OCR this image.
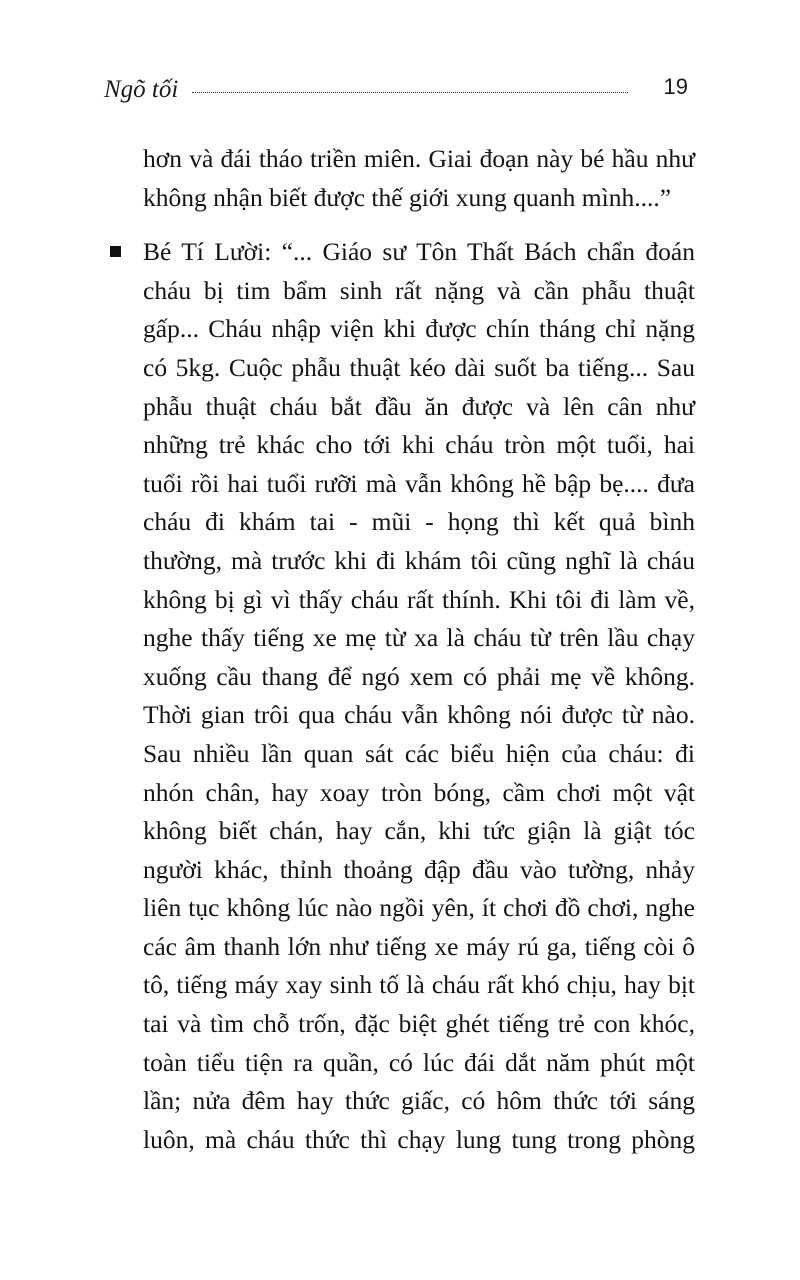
Ngõ tối	19
hơn và đái tháo triền miên. Giai đoạn này bé hầu như
không nhận biết được thế giới xung quanh mình....”
Bé Tí Lười: “... Giáo sư Tôn Thất Bách chẩn đoán
cháu bị tim bẩm sinh rất nặng và cần phẫu thuật
gấp... Cháu nhập viện khi được chín tháng chỉ nặng
có 5kg. Cuộc phẫu thuật kéo dài suốt ba tiếng... Sau
phẫu thuật cháu bắt đầu ăn được và lên cân như
những trẻ khác cho tới khi cháu tròn một tuổi, hai
tuổi rồi hai tuổi rưỡi mà vẫn không hề bập bẹ.... đưa
cháu đi khám tai - mũi - họng thì kết quả bình
thường, mà trước khi đi khám tôi cũng nghĩ là cháu
không bị gì vì thấy cháu rất thính. Khi tôi đi làm về,
nghe thấy tiếng xe mẹ từ xa là cháu từ trên lầu chạy
xuống cầu thang để ngó xem có phải mẹ về không.
Thời gian trôi qua cháu vẫn không nói được từ nào.
Sau nhiều lần quan sát các biểu hiện của cháu: đi
nhón chân, hay xoay tròn bóng, cầm chơi một vật
không biết chán, hay cắn, khi tức giận là giật tóc
người khác, thỉnh thoảng đập đầu vào tường, nhảy
liên tục không lúc nào ngồi yên, ít chơi đồ chơi, nghe
các âm thanh lớn như tiếng xe máy rú ga, tiếng còi ô
tô, tiếng máy xay sinh tố là cháu rất khó chịu, hay bịt
tai và tìm chỗ trốn, đặc biệt ghét tiếng trẻ con khóc,
toàn tiểu tiện ra quần, có lúc đái dắt năm phút một
lần; nửa đêm hay thức giấc, có hôm thức tới sáng
luôn, mà cháu thức thì chạy lung tung trong phòng
